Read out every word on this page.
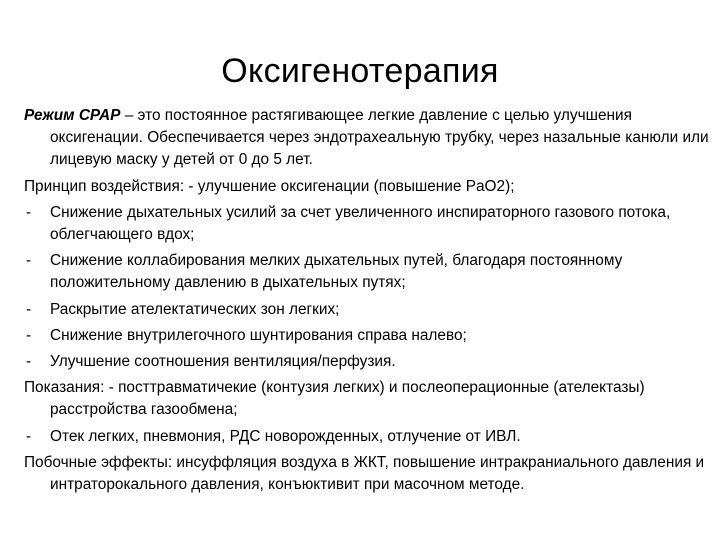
Оксигенотерапия

Режим CPAP – это постоянное растягивающее легкие давление с целью улучшения оксигенации. Обеспечивается через эндотрахеальную трубку, через назальные канюли или лицевую маску у детей от 0 до 5 лет.

Принцип воздействия: - улучшение оксигенации (повышение PaO2);

- Снижение дыхательных усилий за счет увеличенного инспираторного газового потока, облегчающего вдох;

- Снижение коллабирования мелких дыхательных путей, благодаря постоянному положительному давлению в дыхательных путях;

- Раскрытие ателектатических зон легких;

- Снижение внутрилегочного шунтирования справа налево;

- Улучшение соотношения вентиляция/перфузия.

Показания: - посттравматичекие (контузия легких) и послеоперационные (ателектазы) расстройства газообмена;

- Отек легких, пневмония, РДС новорожденных, отлучение от ИВЛ.

Побочные эффекты: инсуффляция воздуха в ЖКТ, повышение интракраниального давления и интраторокального давления, конъюктивит при масочном методе.
